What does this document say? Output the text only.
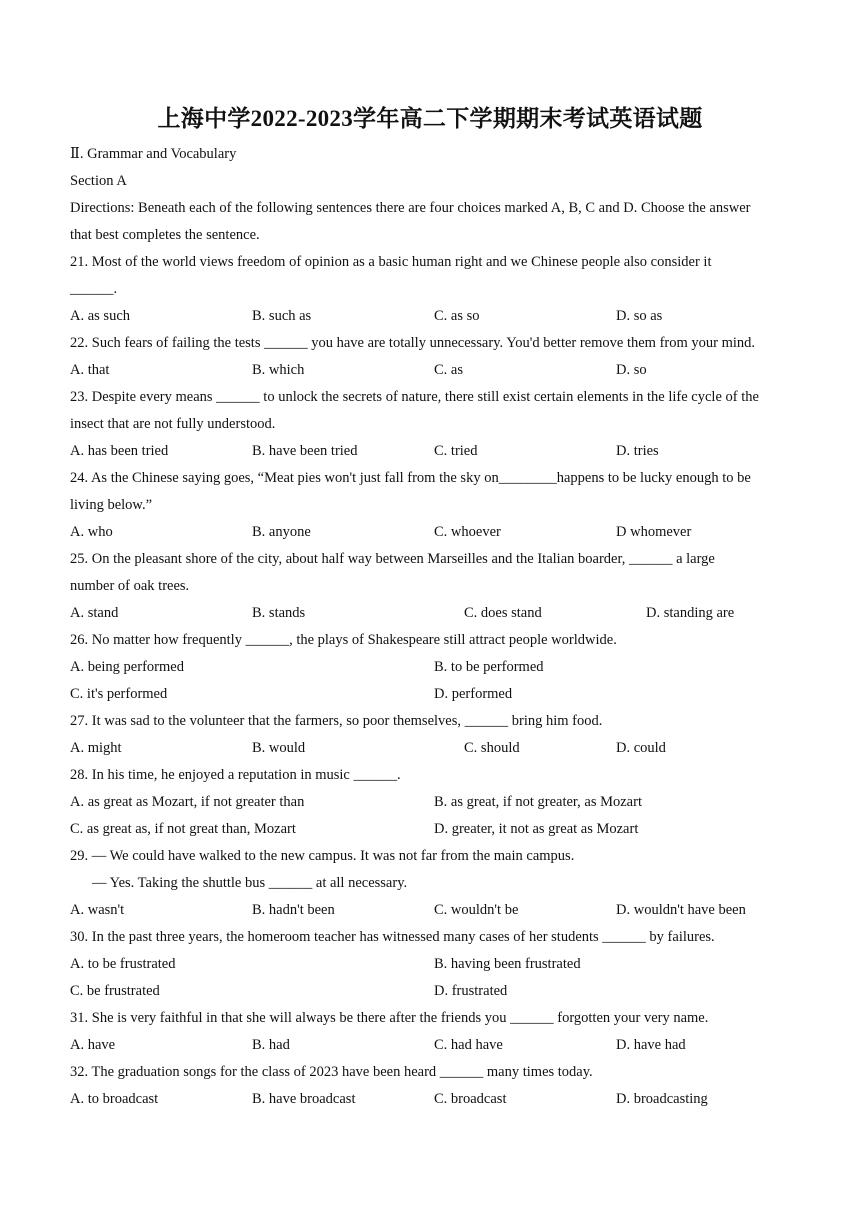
上海中学2022-2023学年高二下学期期末考试英语试题
Ⅱ. Grammar and Vocabulary
Section A
Directions: Beneath each of the following sentences there are four choices marked A, B, C and D. Choose the answer
that best completes the sentence.
21. Most of the world views freedom of opinion as a basic human right and we Chinese people also consider it
______.
A. as such	B. such as	C. as so	D. so as
22. Such fears of failing the tests ______ you have are totally unnecessary. You'd better remove them from your mind.
A. that	B. which	C. as	D. so
23. Despite every means ______ to unlock the secrets of nature, there still exist certain elements in the life cycle of the
insect that are not fully understood.
A. has been tried	B. have been tried	C. tried	D. tries
24. As the Chinese saying goes, “Meat pies won't just fall from the sky on________happens to be lucky enough to be
living below.”
A. who	B. anyone	C. whoever	D whomever
25. On the pleasant shore of the city, about half way between Marseilles and the Italian boarder, ______ a large
number of oak trees.
A. stand	B. stands	C. does stand	D. standing are
26. No matter how frequently ______, the plays of Shakespeare still attract people worldwide.
A. being performed	B. to be performed
C. it's performed	D. performed
27. It was sad to the volunteer that the farmers, so poor themselves, ______ bring him food.
A. might	B. would	C. should	D. could
28. In his time, he enjoyed a reputation in music ______.
A. as great as Mozart, if not greater than	B. as great, if not greater, as Mozart
C. as great as, if not great than, Mozart	D. greater, it not as great as Mozart
29. — We could have walked to the new campus. It was not far from the main campus.
— Yes. Taking the shuttle bus ______ at all necessary.
A. wasn't	B. hadn't been	C. wouldn't be	D. wouldn't have been
30. In the past three years, the homeroom teacher has witnessed many cases of her students ______ by failures.
A. to be frustrated	B. having been frustrated
C. be frustrated	D. frustrated
31. She is very faithful in that she will always be there after the friends you ______ forgotten your very name.
A. have	B. had	C. had have	D. have had
32. The graduation songs for the class of 2023 have been heard ______ many times today.
A. to broadcast	B. have broadcast	C. broadcast	D. broadcasting
